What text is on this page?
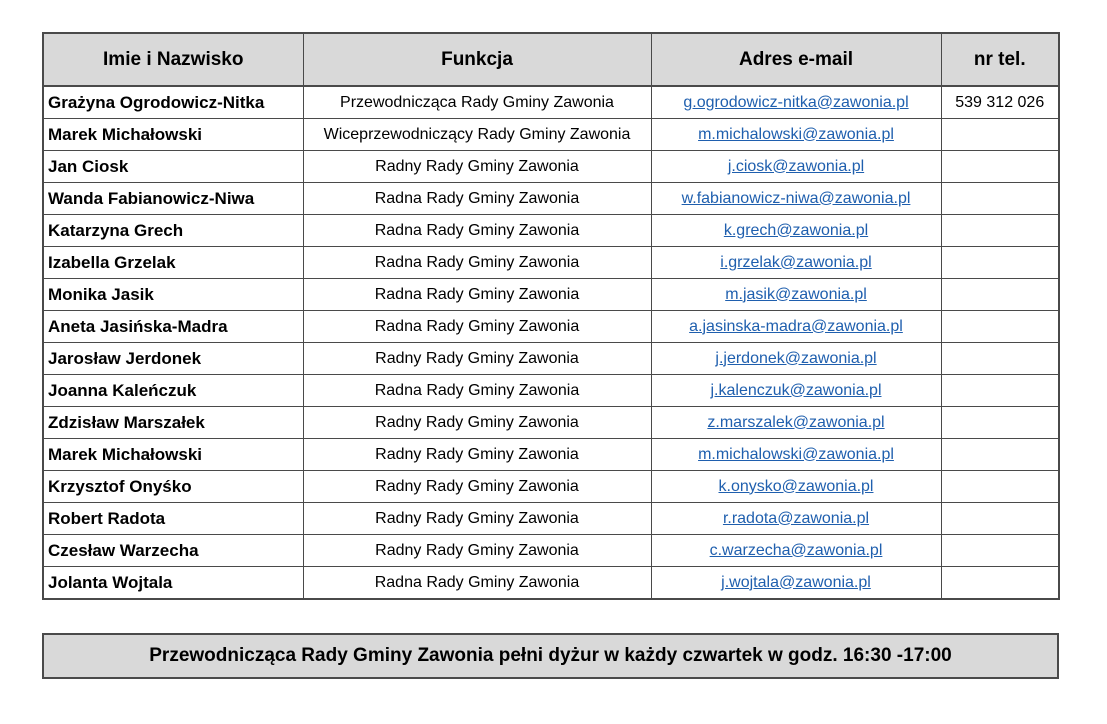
Imie i Nazwisko	Funkcja	Adres e-mail	nr tel.
Grażyna Ogrodowicz-Nitka	Przewodnicząca Rady Gminy Zawonia	g.ogrodowicz-nitka@zawonia.pl	539 312 026
Marek Michałowski	Wiceprzewodniczący Rady Gminy Zawonia	m.michalowski@zawonia.pl	
Jan Ciosk	Radny Rady Gminy Zawonia	j.ciosk@zawonia.pl	
Wanda Fabianowicz-Niwa	Radna Rady Gminy Zawonia	w.fabianowicz-niwa@zawonia.pl	
Katarzyna Grech	Radna Rady Gminy Zawonia	k.grech@zawonia.pl	
Izabella Grzelak	Radna Rady Gminy Zawonia	i.grzelak@zawonia.pl	
Monika Jasik	Radna Rady Gminy Zawonia	m.jasik@zawonia.pl	
Aneta Jasińska-Madra	Radna Rady Gminy Zawonia	a.jasinska-madra@zawonia.pl	
Jarosław Jerdonek	Radny Rady Gminy Zawonia	j.jerdonek@zawonia.pl	
Joanna Kaleńczuk	Radna Rady Gminy Zawonia	j.kalenczuk@zawonia.pl	
Zdzisław Marszałek	Radny Rady Gminy Zawonia	z.marszalek@zawonia.pl	
Marek Michałowski	Radny Rady Gminy Zawonia	m.michalowski@zawonia.pl	
Krzysztof Onyśko	Radny Rady Gminy Zawonia	k.onysko@zawonia.pl	
Robert Radota	Radny Rady Gminy Zawonia	r.radota@zawonia.pl	
Czesław Warzecha	Radny Rady Gminy Zawonia	c.warzecha@zawonia.pl	
Jolanta Wojtala	Radna Rady Gminy Zawonia	j.wojtala@zawonia.pl	
Przewodnicząca Rady Gminy Zawonia pełni dyżur w każdy czwartek w godz. 16:30 -17:00
